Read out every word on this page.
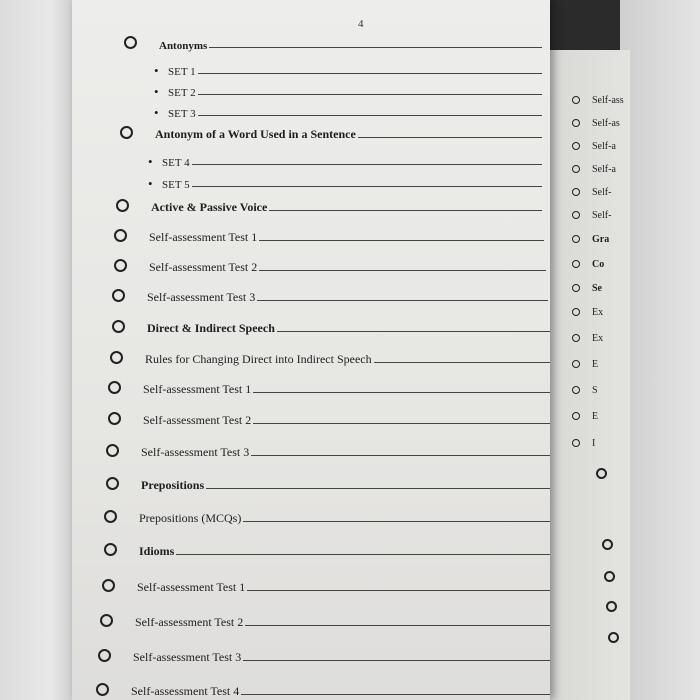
Self-ass
Self-as
Self-a
Self-a
Self-
Self-
Gra
Co
Se
Ex
Ex
E
S
E
I
4
Antonyms
• SET 1
• SET 2
• SET 3
Antonym of a Word Used in a Sentence
• SET 4
• SET 5
Active & Passive Voice
Self-assessment Test 1
Self-assessment Test 2
Self-assessment Test 3
Direct & Indirect Speech
Rules for Changing Direct into Indirect Speech
Self-assessment Test 1
Self-assessment Test 2
Self-assessment Test 3
Prepositions
Prepositions (MCQs)
Idioms
Self-assessment Test 1
Self-assessment Test 2
Self-assessment Test 3
Self-assessment Test 4
